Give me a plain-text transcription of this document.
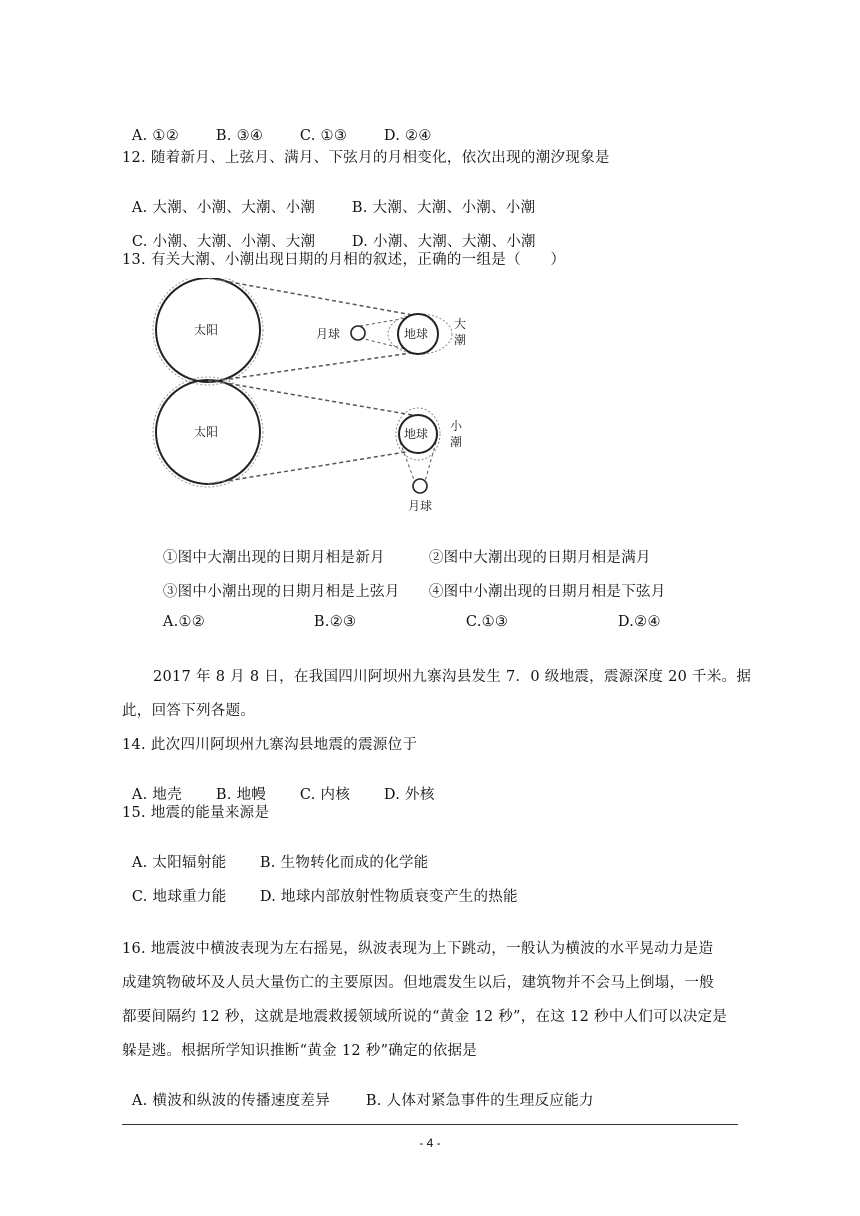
A. ①②	B. ③④	C. ①③	D. ②④

12. 随着新月、上弦月、满月、下弦月的月相变化，依次出现的潮汐现象是

A. 大潮、小潮、大潮、小潮	B. 大潮、大潮、小潮、小潮

C. 小潮、大潮、小潮、大潮	D. 小潮、大潮、大潮、小潮

13. 有关大潮、小潮出现日期的月相的叙述，正确的一组是（　　）
太阳	月球	地球
大
潮
太阳	地球
月球
小
潮

①图中大潮出现的日期月相是新月	②图中大潮出现的日期月相是满月

③图中小潮出现的日期月相是上弦月 ④图中小潮出现的日期月相是下弦月

A.①②	B.②③	C.①③	D.②④

2017 年 8 月 8 日，在我国四川阿坝州九寨沟县发生 7．0 级地震，震源深度 20 千米。据
此，回答下列各题。
14. 此次四川阿坝州九寨沟县地震的震源位于

A. 地壳 B. 地幔 C. 内核 D. 外核

15. 地震的能量来源是

A. 太阳辐射能 B. 生物转化而成的化学能

C. 地球重力能 D. 地球内部放射性物质衰变产生的热能

16. 地震波中横波表现为左右摇晃，纵波表现为上下跳动，一般认为横波的水平晃动力是造
成建筑物破坏及人员大量伤亡的主要原因。但地震发生以后，建筑物并不会马上倒塌，一般
都要间隔约 12 秒，这就是地震救援领域所说的“黄金 12 秒”，在这 12 秒中人们可以决定是
躲是逃。根据所学知识推断“黄金 12 秒”确定的依据是

A. 横波和纵波的传播速度差异 B. 人体对紧急事件的生理反应能力

- 4 -
